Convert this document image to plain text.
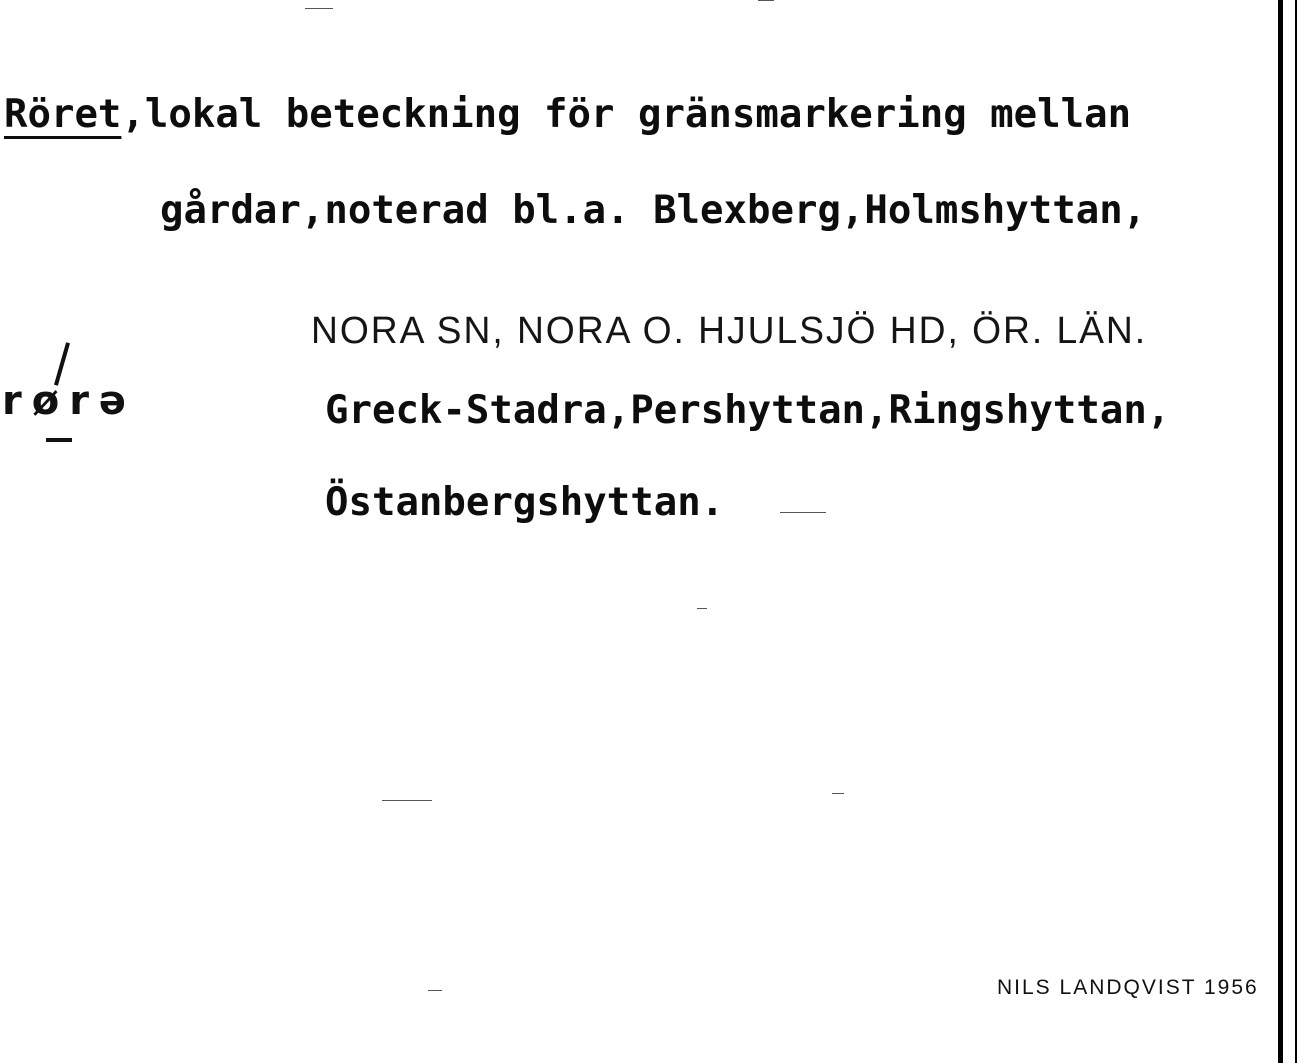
Röret,lokal beteckning för gränsmarkering mellan
gårdar,noterad bl.a. Blexberg,Holmshyttan,
NORA SN, NORA O. HJULSJÖ HD, ÖR. LÄN.
rørə	Greck-Stadra,Pershyttan,Ringshyttan,
Östanbergshyttan.
NILS LANDQVIST 1956
